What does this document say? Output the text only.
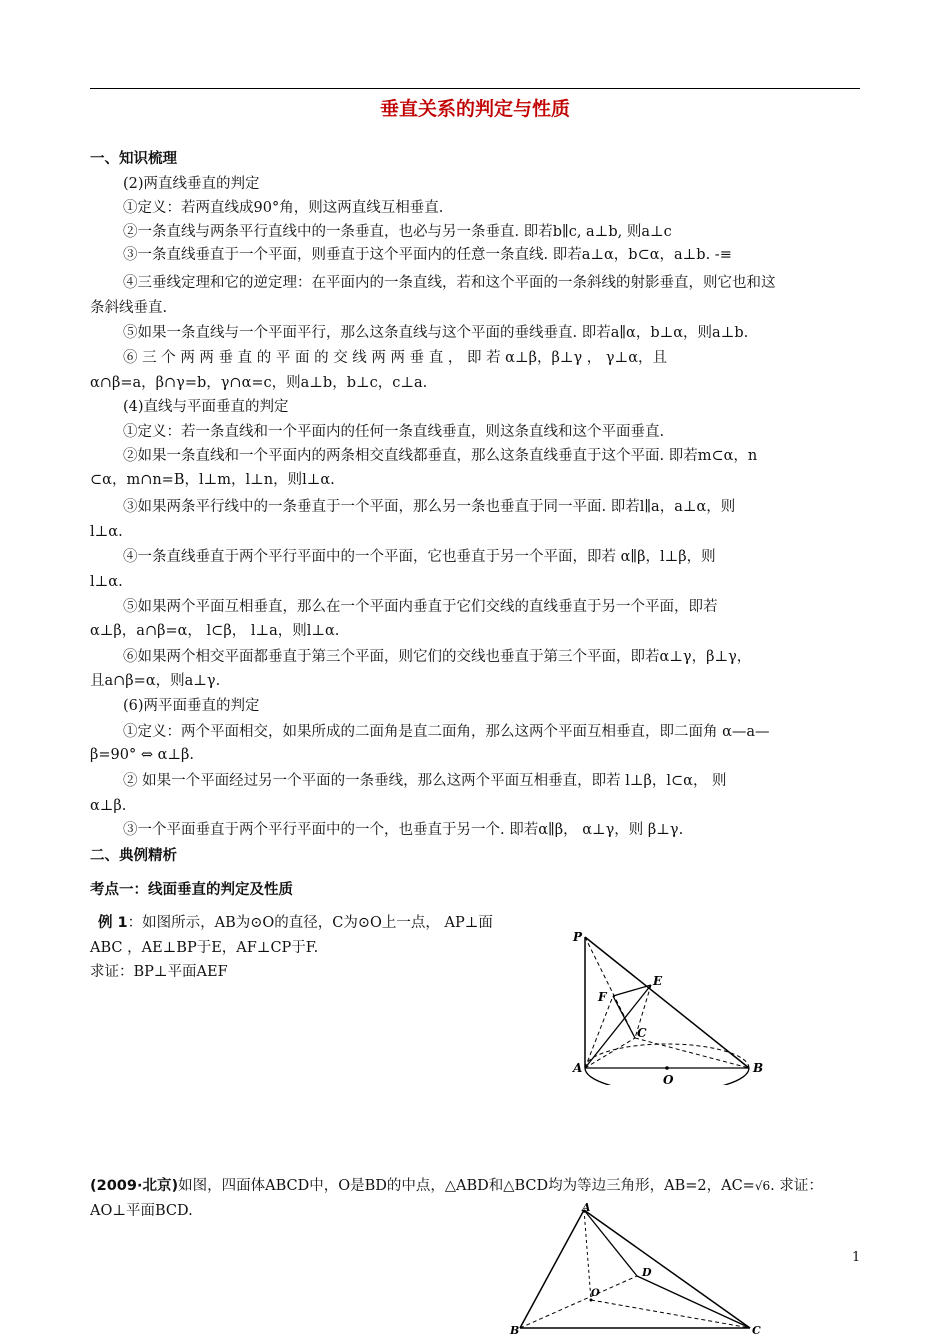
垂直关系的判定与性质
一、知识梳理
(2)两直线垂直的判定
①定义：若两直线成90°角，则这两直线互相垂直.
②一条直线与两条平行直线中的一条垂直，也必与另一条垂直. 即若b∥c, a⊥b, 则a⊥c
③一条直线垂直于一个平面，则垂直于这个平面内的任意一条直线. 即若a⊥α，b⊂α，a⊥b. -≡
④三垂线定理和它的逆定理：在平面内的一条直线，若和这个平面的一条斜线的射影垂直，则它也和这
条斜线垂直.
⑤如果一条直线与一个平面平行，那么这条直线与这个平面的垂线垂直. 即若a∥α，b⊥α，则a⊥b.
⑥ 三 个 两 两 垂 直 的 平 面 的 交 线 两 两 垂 直 ， 即 若 α⊥β，β⊥γ ， γ⊥α，且
α∩β=a，β∩γ=b，γ∩α=c，则a⊥b，b⊥c，c⊥a.
(4)直线与平面垂直的判定
①定义：若一条直线和一个平面内的任何一条直线垂直，则这条直线和这个平面垂直.
②如果一条直线和一个平面内的两条相交直线都垂直，那么这条直线垂直于这个平面. 即若m⊂α，n
⊂α，m∩n=B，l⊥m，l⊥n，则l⊥α.
③如果两条平行线中的一条垂直于一个平面，那么另一条也垂直于同一平面. 即若l∥a，a⊥α，则
l⊥α.
④一条直线垂直于两个平行平面中的一个平面，它也垂直于另一个平面，即若 α∥β，l⊥β，则
l⊥α.
⑤如果两个平面互相垂直，那么在一个平面内垂直于它们交线的直线垂直于另一个平面，即若
α⊥β，a∩β=α， l⊂β， l⊥a，则l⊥α.
⑥如果两个相交平面都垂直于第三个平面，则它们的交线也垂直于第三个平面，即若α⊥γ，β⊥γ，
且a∩β=α，则a⊥γ.
(6)两平面垂直的判定
①定义：两个平面相交，如果所成的二面角是直二面角，那么这两个平面互相垂直，即二面角 α—a—
β=90° ⇔ α⊥β.
② 如果一个平面经过另一个平面的一条垂线，那么这两个平面互相垂直，即若 l⊥β，l⊂α， 则
α⊥β.
③一个平面垂直于两个平行平面中的一个，也垂直于另一个. 即若α∥β， α⊥γ，则 β⊥γ.
二、典例精析
考点一：线面垂直的判定及性质
例 1：如图所示，AB为⊙O的直径，C为⊙O上一点， AP⊥面
ABC ，AE⊥BP于E，AF⊥CP于F.
求证：BP⊥平面AEF
P
E
F
C
A
O
B
(2009·北京)如图，四面体ABCD中，O是BD的中点，△ABD和△BCD均为等边三角形，AB=2，AC=√6. 求证：
AO⊥平面BCD.	A
D
O
B	C
1
